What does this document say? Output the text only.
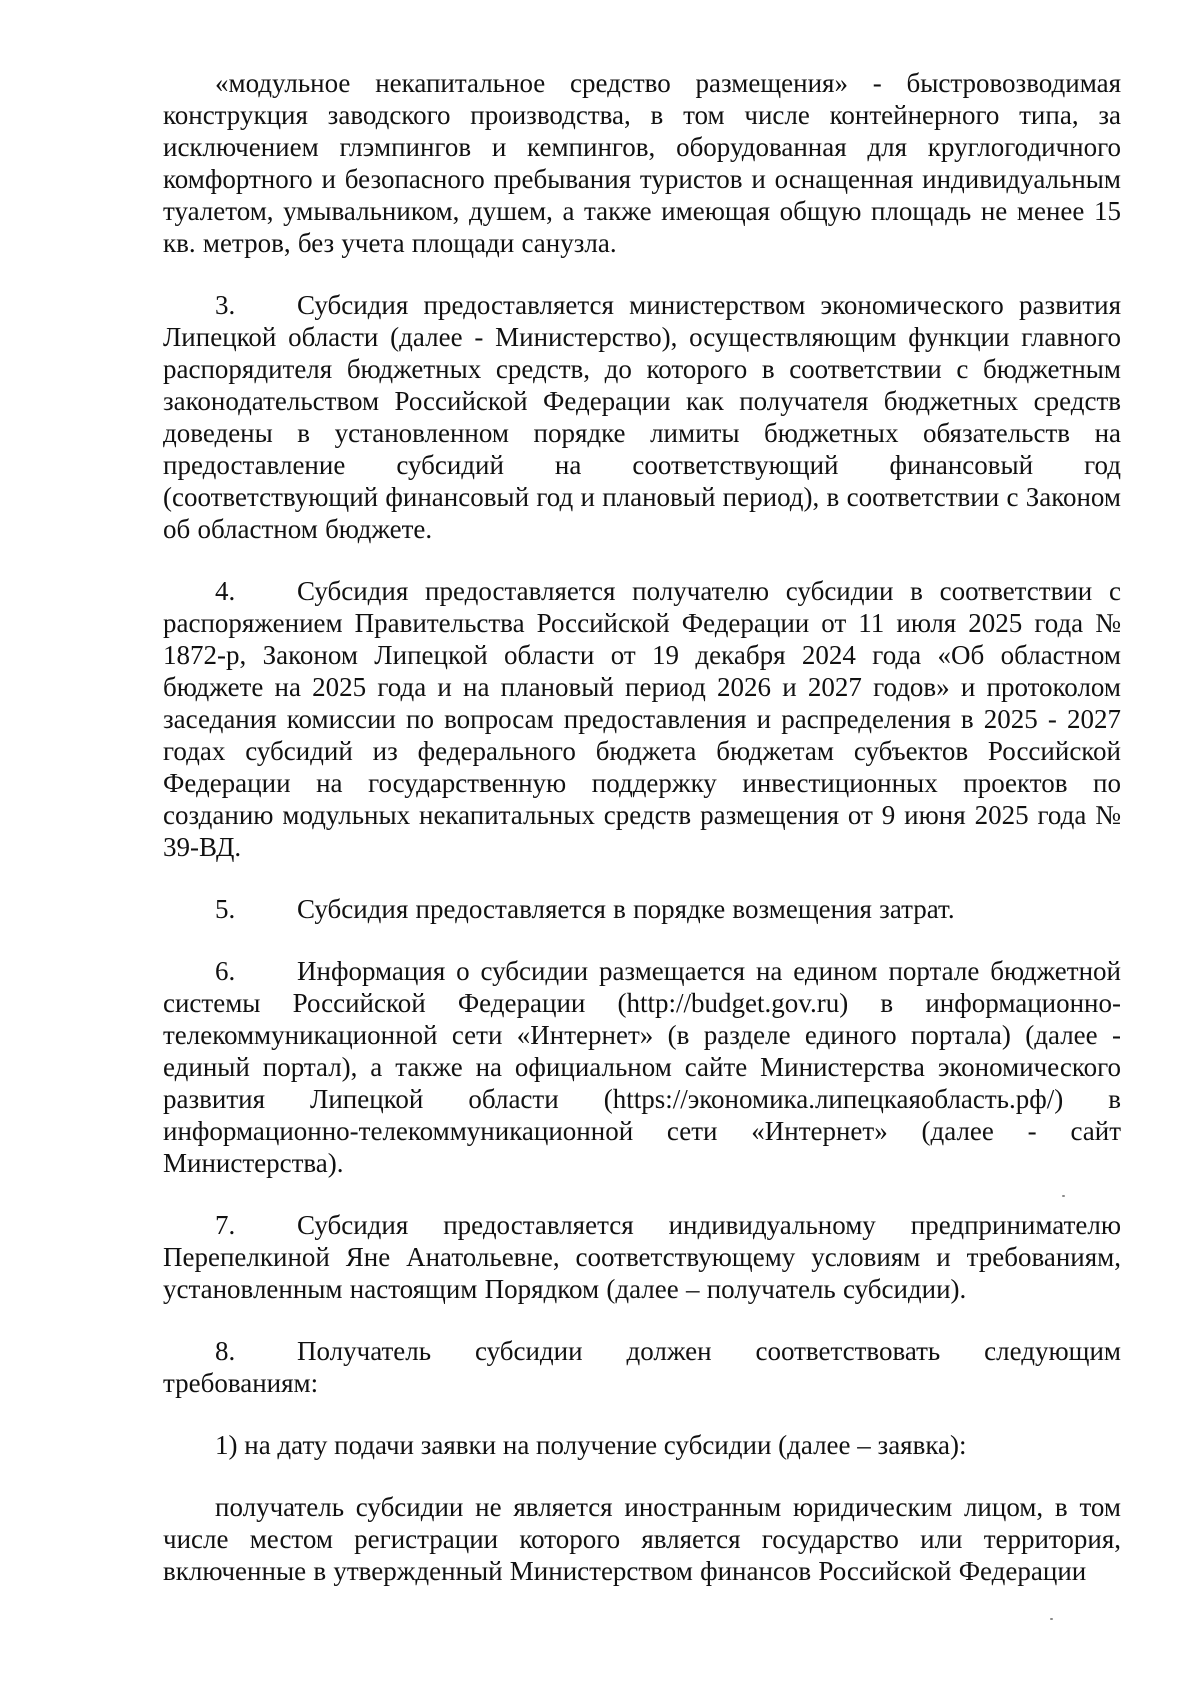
«модульное некапитальное средство размещения» - быстровозводимая конструкция заводского производства, в том числе контейнерного типа, за исключением глэмпингов и кемпингов, оборудованная для круглогодичного комфортного и безопасного пребывания туристов и оснащенная индивидуальным туалетом, умывальником, душем, а также имеющая общую площадь не менее 15 кв. метров, без учета площади санузла.

3. Субсидия предоставляется министерством экономического развития Липецкой области (далее - Министерство), осуществляющим функции главного распорядителя бюджетных средств, до которого в соответствии с бюджетным законодательством Российской Федерации как получателя бюджетных средств доведены в установленном порядке лимиты бюджетных обязательств на предоставление субсидий на соответствующий финансовый год (соответствующий финансовый год и плановый период), в соответствии с Законом об областном бюджете.

4. Субсидия предоставляется получателю субсидии в соответствии с распоряжением Правительства Российской Федерации от 11 июля 2025 года № 1872-р, Законом Липецкой области от 19 декабря 2024 года «Об областном бюджете на 2025 года и на плановый период 2026 и 2027 годов» и протоколом заседания комиссии по вопросам предоставления и распределения в 2025 - 2027 годах субсидий из федерального бюджета бюджетам субъектов Российской Федерации на государственную поддержку инвестиционных проектов по созданию модульных некапитальных средств размещения от 9 июня 2025 года № 39-ВД.

5. Субсидия предоставляется в порядке возмещения затрат.

6. Информация о субсидии размещается на едином портале бюджетной системы Российской Федерации (http://budget.gov.ru) в информационно-телекоммуникационной сети «Интернет» (в разделе единого портала) (далее - единый портал), а также на официальном сайте Министерства экономического развития Липецкой области (https://экономика.липецкаяобласть.рф/) в информационно-телекоммуникационной сети «Интернет» (далее - сайт Министерства).

7. Субсидия предоставляется индивидуальному предпринимателю Перепелкиной Яне Анатольевне, соответствующему условиям и требованиям, установленным настоящим Порядком (далее – получатель субсидии).

8. Получатель субсидии должен соответствовать следующим требованиям:

1) на дату подачи заявки на получение субсидии (далее – заявка):

получатель субсидии не является иностранным юридическим лицом, в том числе местом регистрации которого является государство или территория, включенные в утвержденный Министерством финансов Российской Федерации
